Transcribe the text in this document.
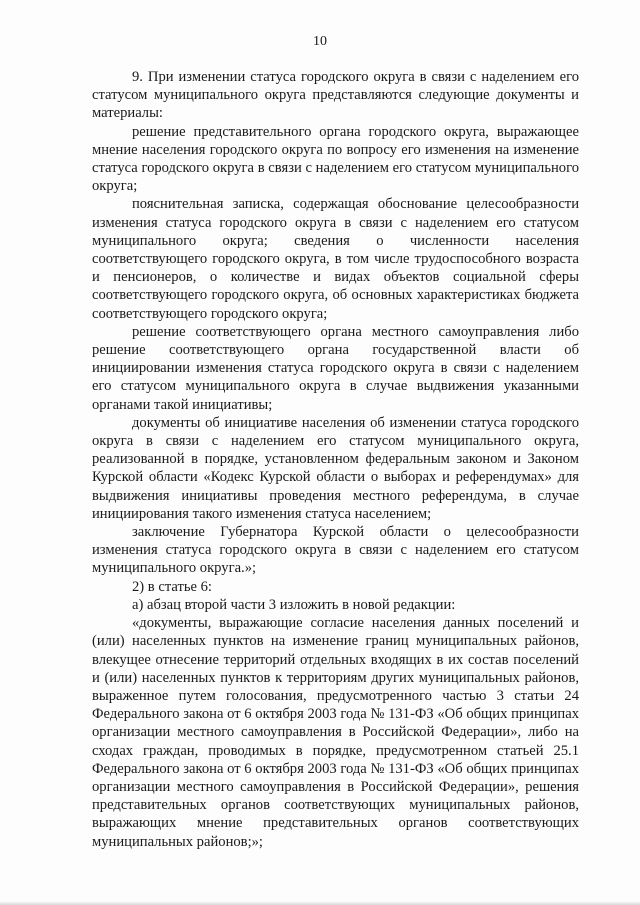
10

9. При изменении статуса городского округа в связи с наделением его статусом муниципального округа представляются следующие документы и материалы:

решение представительного органа городского округа, выражающее мнение населения городского округа по вопросу его изменения на изменение статуса городского округа в связи с наделением его статусом муниципального округа;

пояснительная записка, содержащая обоснование целесообразности изменения статуса городского округа в связи с наделением его статусом муниципального округа; сведения о численности населения соответствующего городского округа, в том числе трудоспособного возраста и пенсионеров, о количестве и видах объектов социальной сферы соответствующего городского округа, об основных характеристиках бюджета соответствующего городского округа;

решение соответствующего органа местного самоуправления либо решение соответствующего органа государственной власти об инициировании изменения статуса городского округа в связи с наделением его статусом муниципального округа в случае выдвижения указанными органами такой инициативы;

документы об инициативе населения об изменении статуса городского округа в связи с наделением его статусом муниципального округа, реализованной в порядке, установленном федеральным законом и Законом Курской области «Кодекс Курской области о выборах и референдумах» для выдвижения инициативы проведения местного референдума, в случае инициирования такого изменения статуса населением;

заключение Губернатора Курской области о целесообразности изменения статуса городского округа в связи с наделением его статусом муниципального округа.»;

2) в статье 6:

а) абзац второй части 3 изложить в новой редакции:

«документы, выражающие согласие населения данных поселений и (или) населенных пунктов на изменение границ муниципальных районов, влекущее отнесение территорий отдельных входящих в их состав поселений и (или) населенных пунктов к территориям других муниципальных районов, выраженное путем голосования, предусмотренного частью 3 статьи 24 Федерального закона от 6 октября 2003 года № 131-ФЗ «Об общих принципах организации местного самоуправления в Российской Федерации», либо на сходах граждан, проводимых в порядке, предусмотренном статьей 25.1 Федерального закона от 6 октября 2003 года № 131-ФЗ «Об общих принципах организации местного самоуправления в Российской Федерации», решения представительных органов соответствующих муниципальных районов, выражающих мнение представительных органов соответствующих муниципальных районов;»;
